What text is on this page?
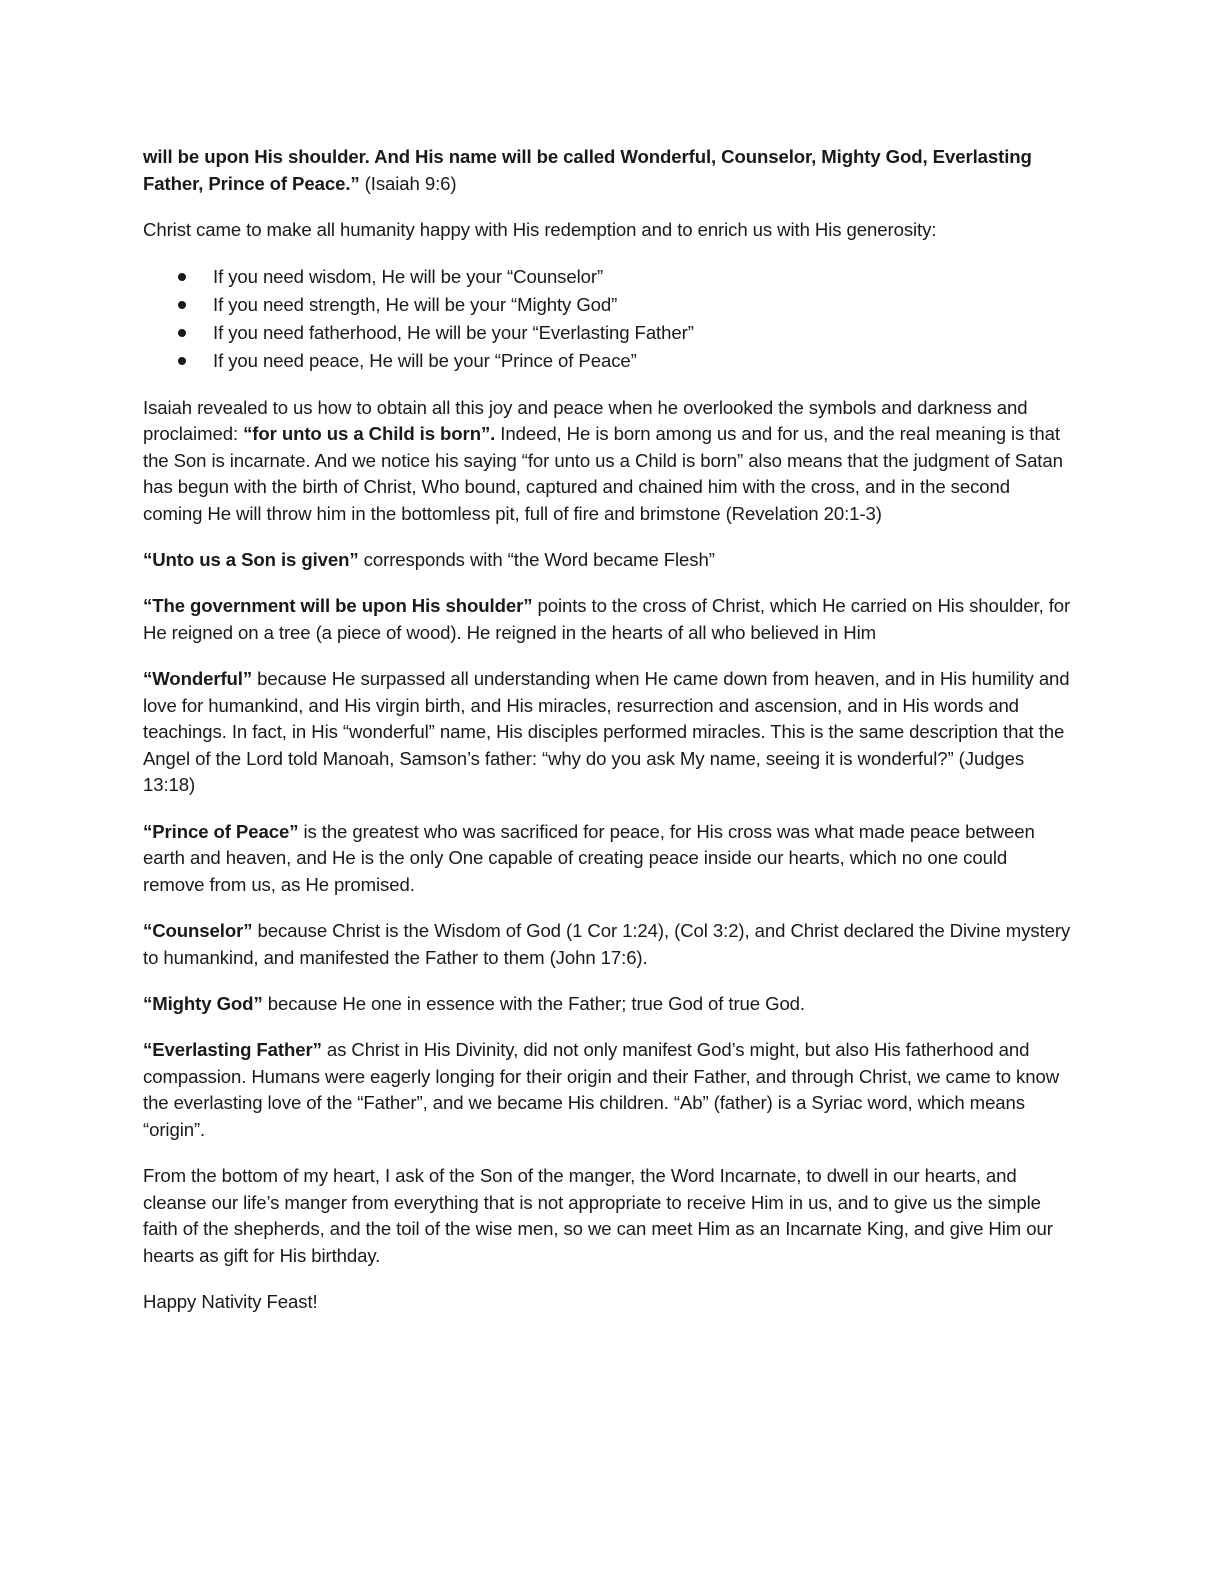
will be upon His shoulder. And His name will be called Wonderful, Counselor, Mighty God, Everlasting Father, Prince of Peace.” (Isaiah 9:6)

Christ came to make all humanity happy with His redemption and to enrich us with His generosity:

If you need wisdom, He will be your “Counselor”
If you need strength, He will be your “Mighty God”
If you need fatherhood, He will be your “Everlasting Father”
If you need peace, He will be your “Prince of Peace”

Isaiah revealed to us how to obtain all this joy and peace when he overlooked the symbols and darkness and proclaimed: “for unto us a Child is born”. Indeed, He is born among us and for us, and the real meaning is that the Son is incarnate. And we notice his saying “for unto us a Child is born” also means that the judgment of Satan has begun with the birth of Christ, Who bound, captured and chained him with the cross, and in the second coming He will throw him in the bottomless pit, full of fire and brimstone (Revelation 20:1-3)

“Unto us a Son is given” corresponds with “the Word became Flesh”

“The government will be upon His shoulder” points to the cross of Christ, which He carried on His shoulder, for He reigned on a tree (a piece of wood). He reigned in the hearts of all who believed in Him

“Wonderful” because He surpassed all understanding when He came down from heaven, and in His humility and love for humankind, and His virgin birth, and His miracles, resurrection and ascension, and in His words and teachings. In fact, in His “wonderful” name, His disciples performed miracles. This is the same description that the Angel of the Lord told Manoah, Samson’s father: “why do you ask My name, seeing it is wonderful?” (Judges 13:18)

“Prince of Peace” is the greatest who was sacrificed for peace, for His cross was what made peace between earth and heaven, and He is the only One capable of creating peace inside our hearts, which no one could remove from us, as He promised.

“Counselor” because Christ is the Wisdom of God (1 Cor 1:24), (Col 3:2), and Christ declared the Divine mystery to humankind, and manifested the Father to them (John 17:6).

“Mighty God” because He one in essence with the Father; true God of true God.

“Everlasting Father” as Christ in His Divinity, did not only manifest God’s might, but also His fatherhood and compassion. Humans were eagerly longing for their origin and their Father, and through Christ, we came to know the everlasting love of the “Father”, and we became His children. “Ab” (father) is a Syriac word, which means “origin”.

From the bottom of my heart, I ask of the Son of the manger, the Word Incarnate, to dwell in our hearts, and cleanse our life’s manger from everything that is not appropriate to receive Him in us, and to give us the simple faith of the shepherds, and the toil of the wise men, so we can meet Him as an Incarnate King, and give Him our hearts as gift for His birthday.

Happy Nativity Feast!
